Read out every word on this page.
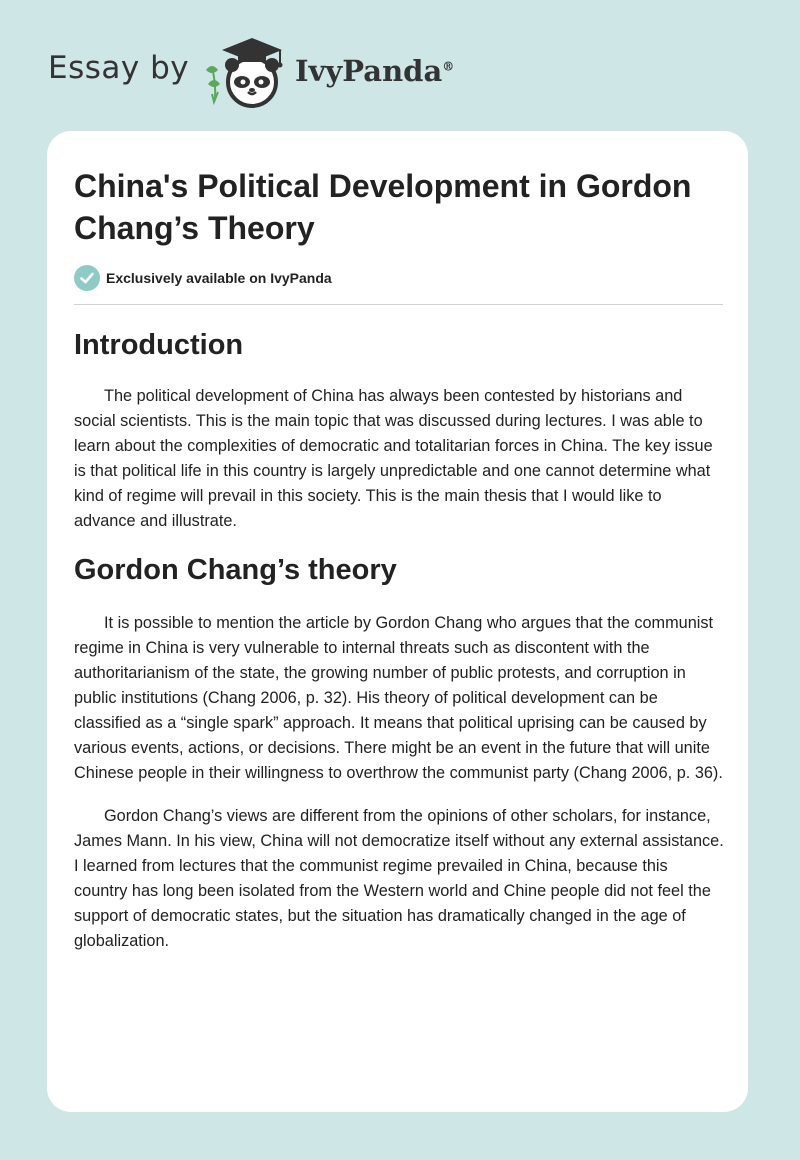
Essay by	IvyPanda®
China's Political Development in Gordon Chang’s Theory
Exclusively available on IvyPanda
Introduction

The political development of China has always been contested by historians and social scientists. This is the main topic that was discussed during lectures. I was able to learn about the complexities of democratic and totalitarian forces in China. The key issue is that political life in this country is largely unpredictable and one cannot determine what kind of regime will prevail in this society. This is the main thesis that I would like to advance and illustrate.

Gordon Chang’s theory

It is possible to mention the article by Gordon Chang who argues that the communist regime in China is very vulnerable to internal threats such as discontent with the authoritarianism of the state, the growing number of public protests, and corruption in public institutions (Chang 2006, p. 32). His theory of political development can be classified as a “single spark” approach. It means that political uprising can be caused by various events, actions, or decisions. There might be an event in the future that will unite Chinese people in their willingness to overthrow the communist party (Chang 2006, p. 36).

Gordon Chang’s views are different from the opinions of other scholars, for instance, James Mann. In his view, China will not democratize itself without any external assistance. I learned from lectures that the communist regime prevailed in China, because this country has long been isolated from the Western world and Chine people did not feel the support of democratic states, but the situation has dramatically changed in the age of globalization.
